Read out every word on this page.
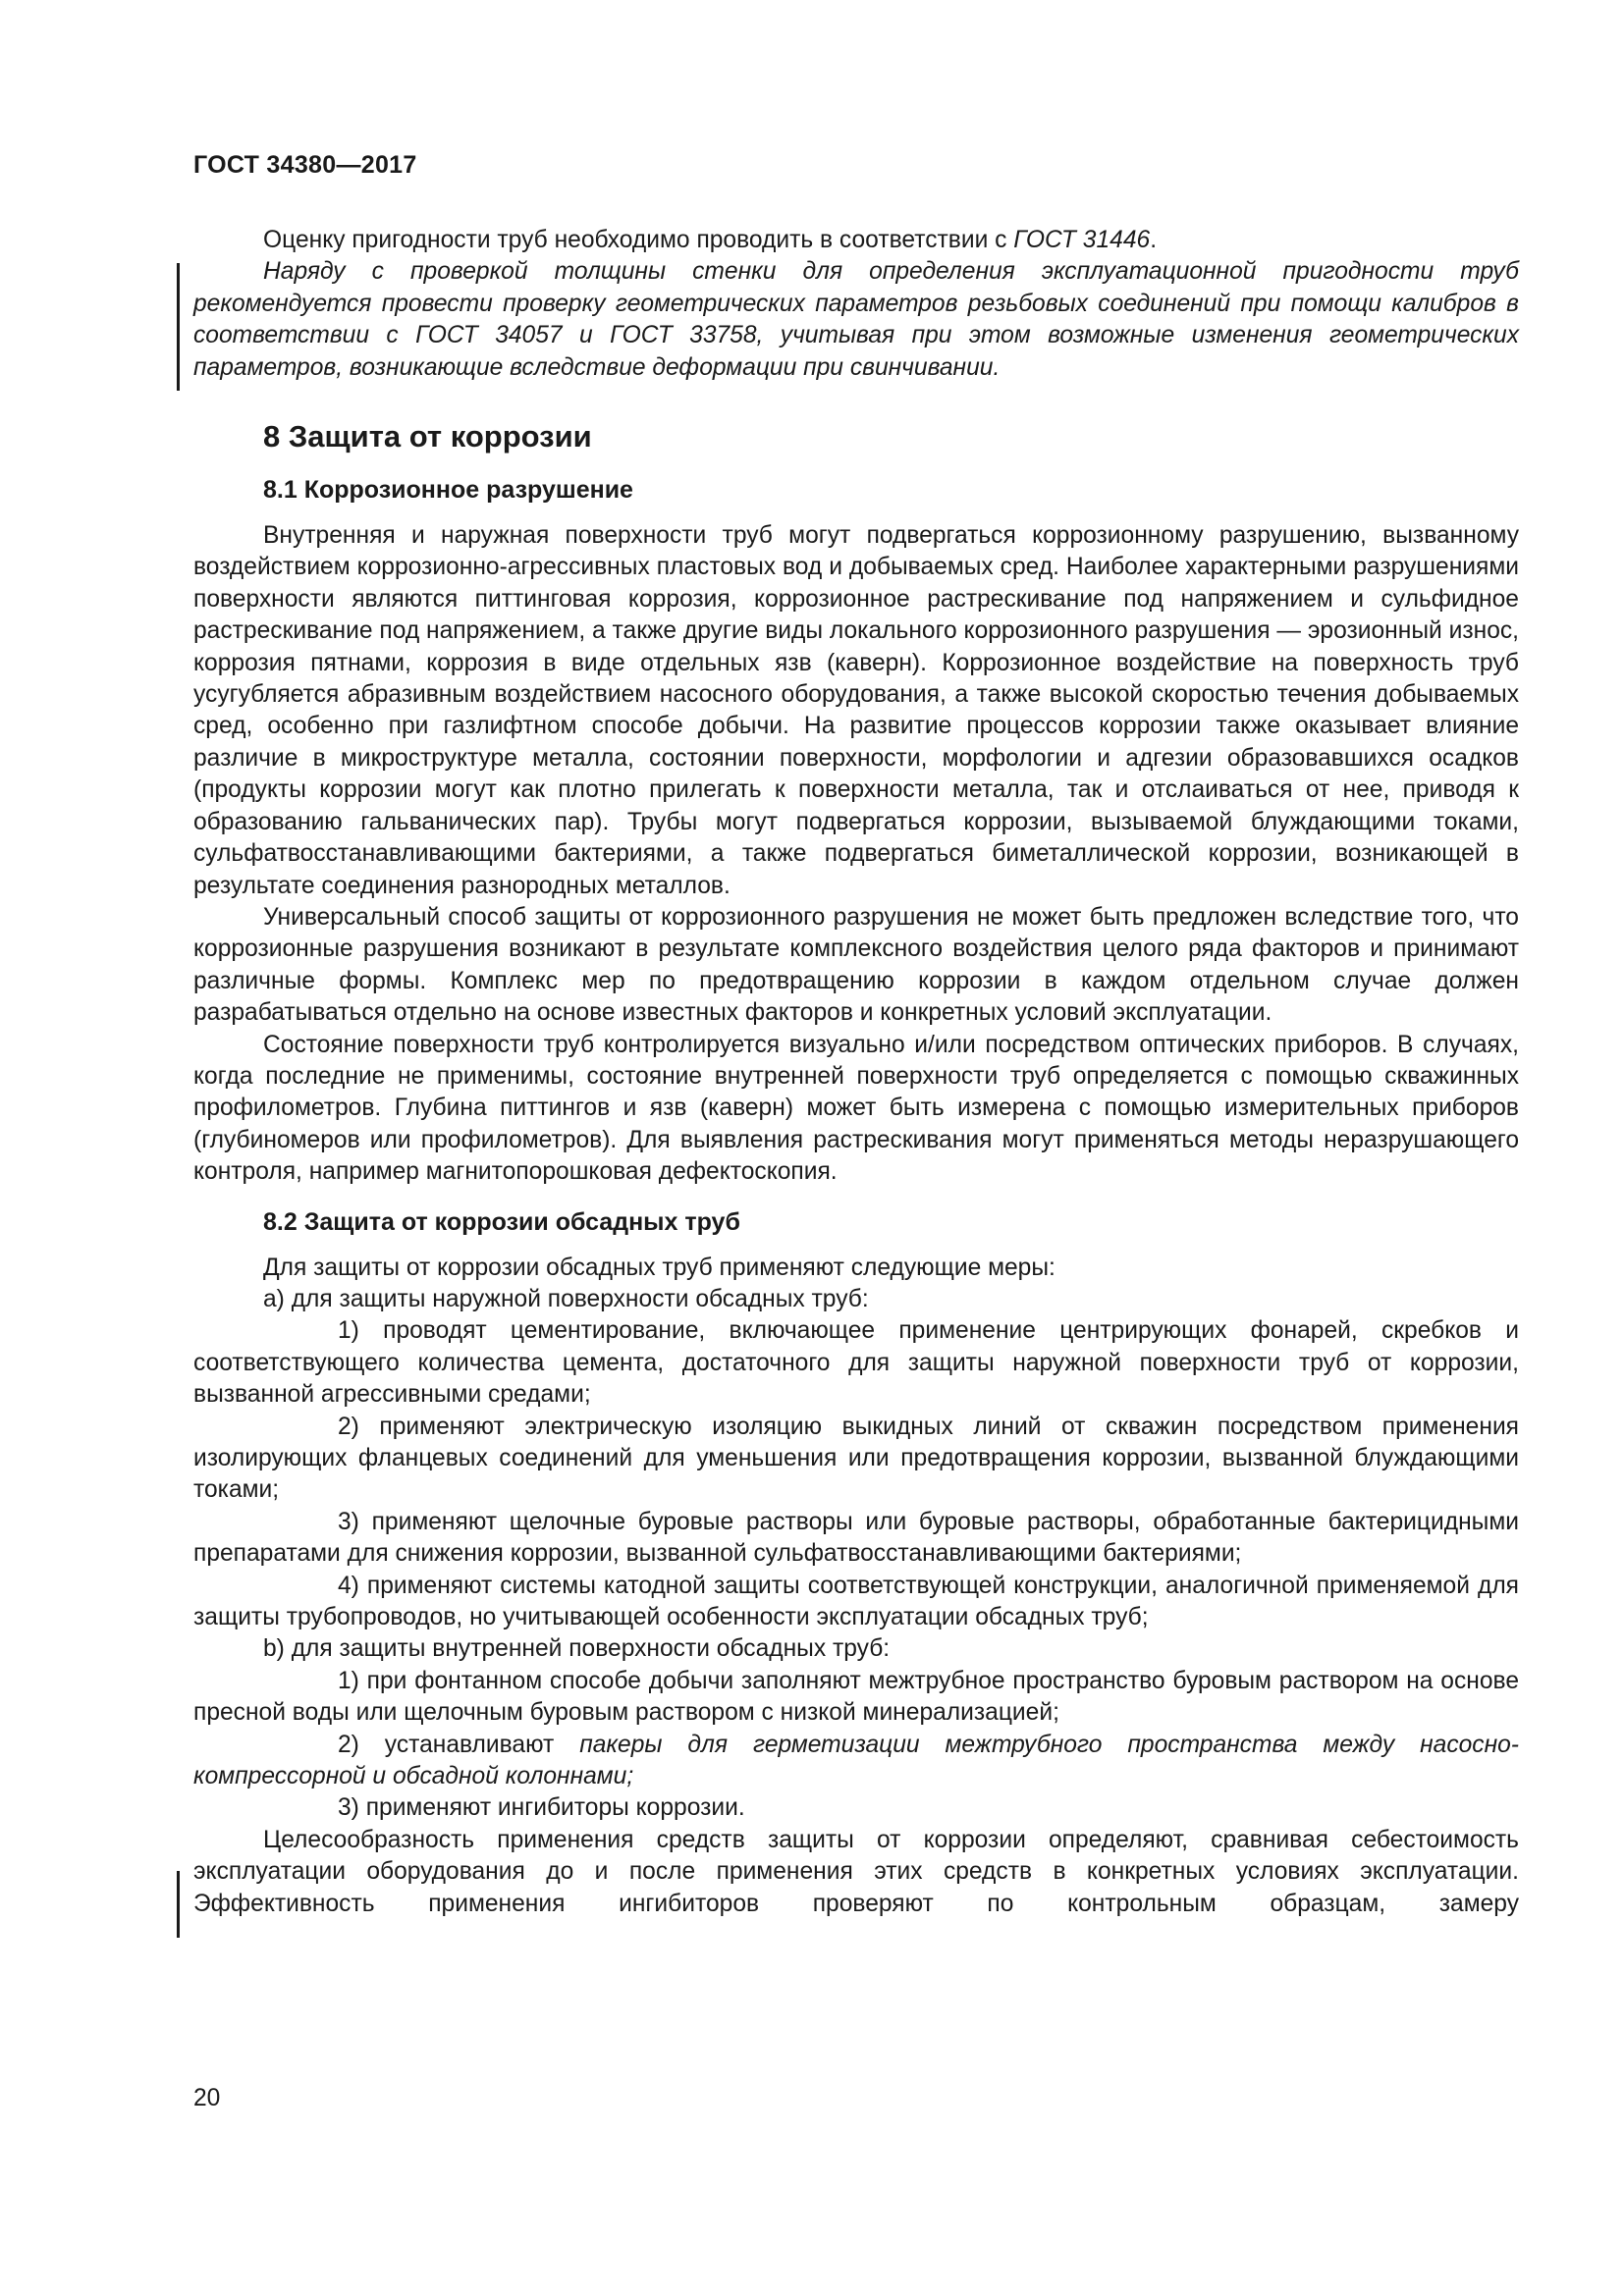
ГОСТ 34380—2017

Оценку пригодности труб необходимо проводить в соответствии с ГОСТ 31446.

Наряду с проверкой толщины стенки для определения эксплуатационной пригодности труб рекомендуется провести проверку геометрических параметров резьбовых соединений при помощи калибров в соответствии с ГОСТ 34057 и ГОСТ 33758, учитывая при этом возможные изменения геометрических параметров, возникающие вследствие деформации при свинчивании.

8 Защита от коррозии
8.1 Коррозионное разрушение

Внутренняя и наружная поверхности труб могут подвергаться коррозионному разрушению, вызванному воздействием коррозионно-агрессивных пластовых вод и добываемых сред. Наиболее характерными разрушениями поверхности являются питтинговая коррозия, коррозионное растрескивание под напряжением и сульфидное растрескивание под напряжением, а также другие виды локального коррозионного разрушения — эрозионный износ, коррозия пятнами, коррозия в виде отдельных язв (каверн). Коррозионное воздействие на поверхность труб усугубляется абразивным воздействием насосного оборудования, а также высокой скоростью течения добываемых сред, особенно при газлифтном способе добычи. На развитие процессов коррозии также оказывает влияние различие в микроструктуре металла, состоянии поверхности, морфологии и адгезии образовавшихся осадков (продукты коррозии могут как плотно прилегать к поверхности металла, так и отслаиваться от нее, приводя к образованию гальванических пар). Трубы могут подвергаться коррозии, вызываемой блуждающими токами, сульфатвосстанавливающими бактериями, а также подвергаться биметаллической коррозии, возникающей в результате соединения разнородных металлов.

Универсальный способ защиты от коррозионного разрушения не может быть предложен вследствие того, что коррозионные разрушения возникают в результате комплексного воздействия целого ряда факторов и принимают различные формы. Комплекс мер по предотвращению коррозии в каждом отдельном случае должен разрабатываться отдельно на основе известных факторов и конкретных условий эксплуатации.

Состояние поверхности труб контролируется визуально и/или посредством оптических приборов. В случаях, когда последние не применимы, состояние внутренней поверхности труб определяется с помощью скважинных профилометров. Глубина питтингов и язв (каверн) может быть измерена с помощью измерительных приборов (глубиномеров или профилометров). Для выявления растрескивания могут применяться методы неразрушающего контроля, например магнитопорошковая дефектоскопия.

8.2 Защита от коррозии обсадных труб

Для защиты от коррозии обсадных труб применяют следующие меры:

а) для защиты наружной поверхности обсадных труб:

1) проводят цементирование, включающее применение центрирующих фонарей, скребков и соответствующего количества цемента, достаточного для защиты наружной поверхности труб от коррозии, вызванной агрессивными средами;

2) применяют электрическую изоляцию выкидных линий от скважин посредством применения изолирующих фланцевых соединений для уменьшения или предотвращения коррозии, вызванной блуждающими токами;

3) применяют щелочные буровые растворы или буровые растворы, обработанные бактерицидными препаратами для снижения коррозии, вызванной сульфатвосстанавливающими бактериями;

4) применяют системы катодной защиты соответствующей конструкции, аналогичной применяемой для защиты трубопроводов, но учитывающей особенности эксплуатации обсадных труб;

b) для защиты внутренней поверхности обсадных труб:

1) при фонтанном способе добычи заполняют межтрубное пространство буровым раствором на основе пресной воды или щелочным буровым раствором с низкой минерализацией;

2) устанавливают пакеры для герметизации межтрубного пространства между насосно-компрессорной и обсадной колоннами;

3) применяют ингибиторы коррозии.

Целесообразность применения средств защиты от коррозии определяют, сравнивая себестоимость эксплуатации оборудования до и после применения этих средств в конкретных условиях эксплуатации. Эффективность применения ингибиторов проверяют по контрольным образцам, замеру

20
